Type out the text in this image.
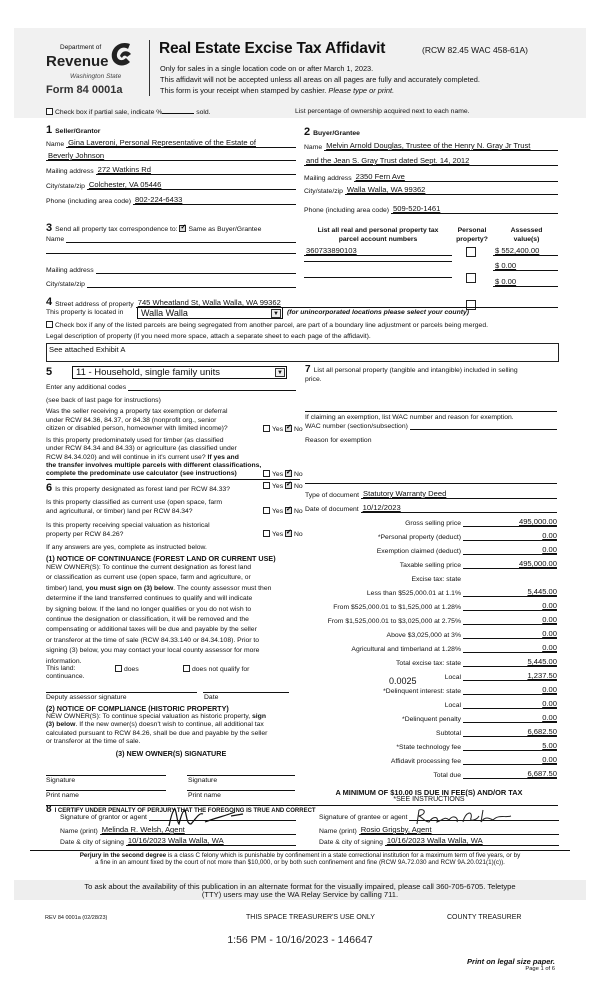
Department of
Revenue
Washington State
Form 84 0001a
Real Estate Excise Tax Affidavit	(RCW 82.45 WAC 458-61A)
Only for sales in a single location code on or after March 1, 2023.
This affidavit will not be accepted unless all areas on all pages are fully and accurately completed.
This form is your receipt when stamped by cashier. Please type or print.
Check box if partial sale, indicate %	sold.	List percentage of ownership acquired next to each name.
1 Seller/Grantor
Name Gina Laveroni, Personal Representative of the Estate of
Beverly Johnson
Mailing address 272 Watkins Rd
City/state/zip Colchester, VA 05446
Phone (including area code) 802-224-6433
2 Buyer/Grantee
Name Melvin Arnold Douglas, Trustee of the Henry N. Gray Jr Trust
and the Jean S. Gray Trust dated Sept. 14, 2012
Mailing address 2350 Fern Ave
City/state/zip Walla Walla, WA 99362
Phone (including area code) 509-520-1461
3 Send all property tax correspondence to: ✓ Same as Buyer/Grantee
Name
Mailing address
City/state/zip
List all real and personal property tax
parcel account numbers
Personal
property?
Assessed
value(s)
360733890103	$ 552,400.00
$ 0.00
$ 0.00
4 Street address of property 745 Wheatland St, Walla Walla, WA 99362
This property is located in	Walla Walla	▼ (for unincorporated locations please select your county)
Check box if any of the listed parcels are being segregated from another parcel, are part of a boundary line adjustment or parcels being merged.
Legal description of property (if you need more space, attach a separate sheet to each page of the affidavit).
See attached Exhibit A
5	11 - Household, single family units	▼
Enter any additional codes
(see back of last page for instructions)
Was the seller receiving a property tax exemption or deferral
under RCW 84.36, 84.37, or 84.38 (nonprofit org., senior
citizen or disabled person, homeowner with limited income)?	Yes ✓ No
Is this property predominately used for timber (as classified
under RCW 84.34 and 84.33) or agriculture (as classified under
RCW 84.34.020) and will continue in it's current use? If yes and
the transfer involves multiple parcels with different classifications,
complete the predominate use calculator (see instructions)	Yes ✓ No
6 Is this property designated as forest land per RCW 84.33?	Yes ✓ No
Is this property classified as current use (open space, farm
and agricultural, or timber) land per RCW 84.34?	Yes ✓ No
Is this property receiving special valuation as historical
property per RCW 84.26?	Yes ✓ No
If any answers are yes, complete as instructed below.
(1) NOTICE OF CONTINUANCE (FOREST LAND OR CURRENT USE)
NEW OWNER(S): To continue the current designation as forest land
or classification as current use (open space, farm and agriculture, or
timber) land, you must sign on (3) below. The county assessor must then
determine if the land transferred continues to qualify and will indicate
by signing below. If the land no longer qualifies or you do not wish to
continue the designation or classification, it will be removed and the
compensating or additional taxes will be due and payable by the seller
or transferor at the time of sale (RCW 84.33.140 or 84.34.108). Prior to
signing (3) below, you may contact your local county assessor for more
information.
This land:	does	does not qualify for
continuance.
Deputy assessor signature	Date
(2) NOTICE OF COMPLIANCE (HISTORIC PROPERTY)
NEW OWNER(S): To continue special valuation as historic property, sign
(3) below. If the new owner(s) doesn't wish to continue, all additional tax
calculated pursuant to RCW 84.26, shall be due and payable by the seller
or transferor at the time of sale.
(3) NEW OWNER(S) SIGNATURE
Signature	Signature
Print name	Print name
7 List all personal property (tangible and intangible) included in selling
price.
If claiming an exemption, list WAC number and reason for exemption.
WAC number (section/subsection)
Reason for exemption
Type of document Statutory Warranty Deed
Date of document 10/12/2023
Gross selling price	495,000.00
*Personal property (deduct)	0.00
Exemption claimed (deduct)	0.00
Taxable selling price	495,000.00
Excise tax: state
Less than $525,000.01 at 1.1%	5,445.00
From $525,000.01 to $1,525,000 at 1.28%	0.00
From $1,525,000.01 to $3,025,000 at 2.75%	0.00
Above $3,025,000 at 3%	0.00
Agricultural and timberland at 1.28%	0.00
Total excise tax: state	5,445.00
Local	1,237.50
*Delinquent interest: state	0.00
Local	0.00
*Delinquent penalty	0.00
Subtotal	6,682.50
*State technology fee	5.00
Affidavit processing fee	0.00
Total due	6,687.50
0.0025
A MINIMUM OF $10.00 IS DUE IN FEE(S) AND/OR TAX
*SEE INSTRUCTIONS
8 I CERTIFY UNDER PENALTY OF PERJURY THAT THE FOREGOING IS TRUE AND CORRECT
Signature of grantor or agent
Name (print) Melinda R. Welsh, Agent
Date & city of signing 10/16/2023 Walla Walla, WA
Signature of grantee or agent
Name (print) Rosio Grigsby, Agent
Date & city of signing 10/16/2023 Walla Walla, WA
Perjury in the second degree is a class C felony which is punishable by confinement in a state correctional institution for a maximum term of five years, or by
a fine in an amount fixed by the court of not more than $10,000, or by both such confinement and fine (RCW 9A.72.030 and RCW 9A.20.021(1)(c)).
To ask about the availability of this publication in an alternate format for the visually impaired, please call 360-705-6705. Teletype
(TTY) users may use the WA Relay Service by calling 711.
REV 84 0001a (02/28/23)	THIS SPACE TREASURER'S USE ONLY	COUNTY TREASURER
1:56 PM - 10/16/2023 - 146647
Print on legal size paper.
Page 1 of 6
